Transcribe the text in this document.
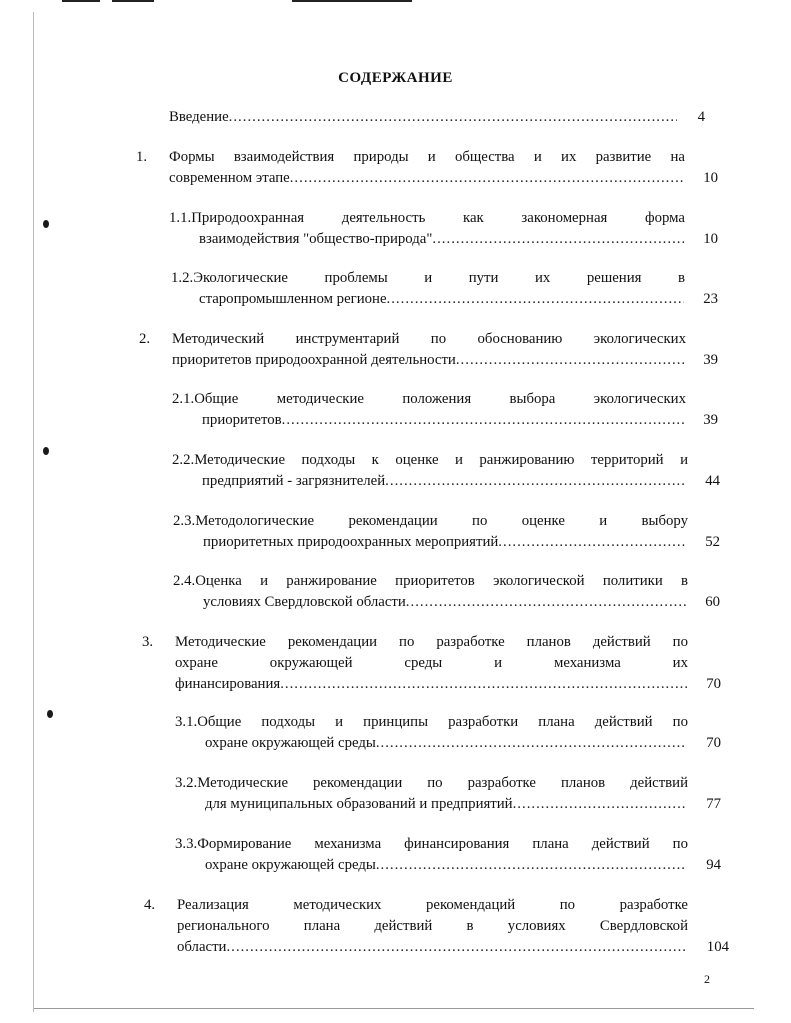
СОДЕРЖАНИЕ
Введение .....	4
1. Формы взаимодействия природы и общества и их развитие на
современном этапе .....	10
1.1.Природоохранная деятельность как закономерная форма
взаимодействия "общество-природа" .....	10
1.2.Экологические проблемы и пути их решения в
старопромышленном регионе .....	23
2. Методический инструментарий по обоснованию экологических
приоритетов природоохранной деятельности .....	39
2.1.Общие методические положения выбора экологических
приоритетов .....	39
2.2.Методические подходы к оценке и ранжированию территорий и
предприятий - загрязнителей .....	44
2.3.Методологические рекомендации по оценке и выбору
приоритетных природоохранных мероприятий .....	52
2.4.Оценка и ранжирование приоритетов экологической политики в
условиях Свердловской области .....	60
3. Методические рекомендации по разработке планов действий по
охране окружающей среды и механизма их
финансирования .....	70
3.1.Общие подходы и принципы разработки плана действий по
охране окружающей среды .....	70
3.2.Методические рекомендации по разработке планов действий
для муниципальных образований и предприятий .....	77
3.3.Формирование механизма финансирования плана действий по
охране окружающей среды .....	94
4. Реализация методических рекомендаций по разработке
регионального плана действий в условиях Свердловской
области .....	104
2
